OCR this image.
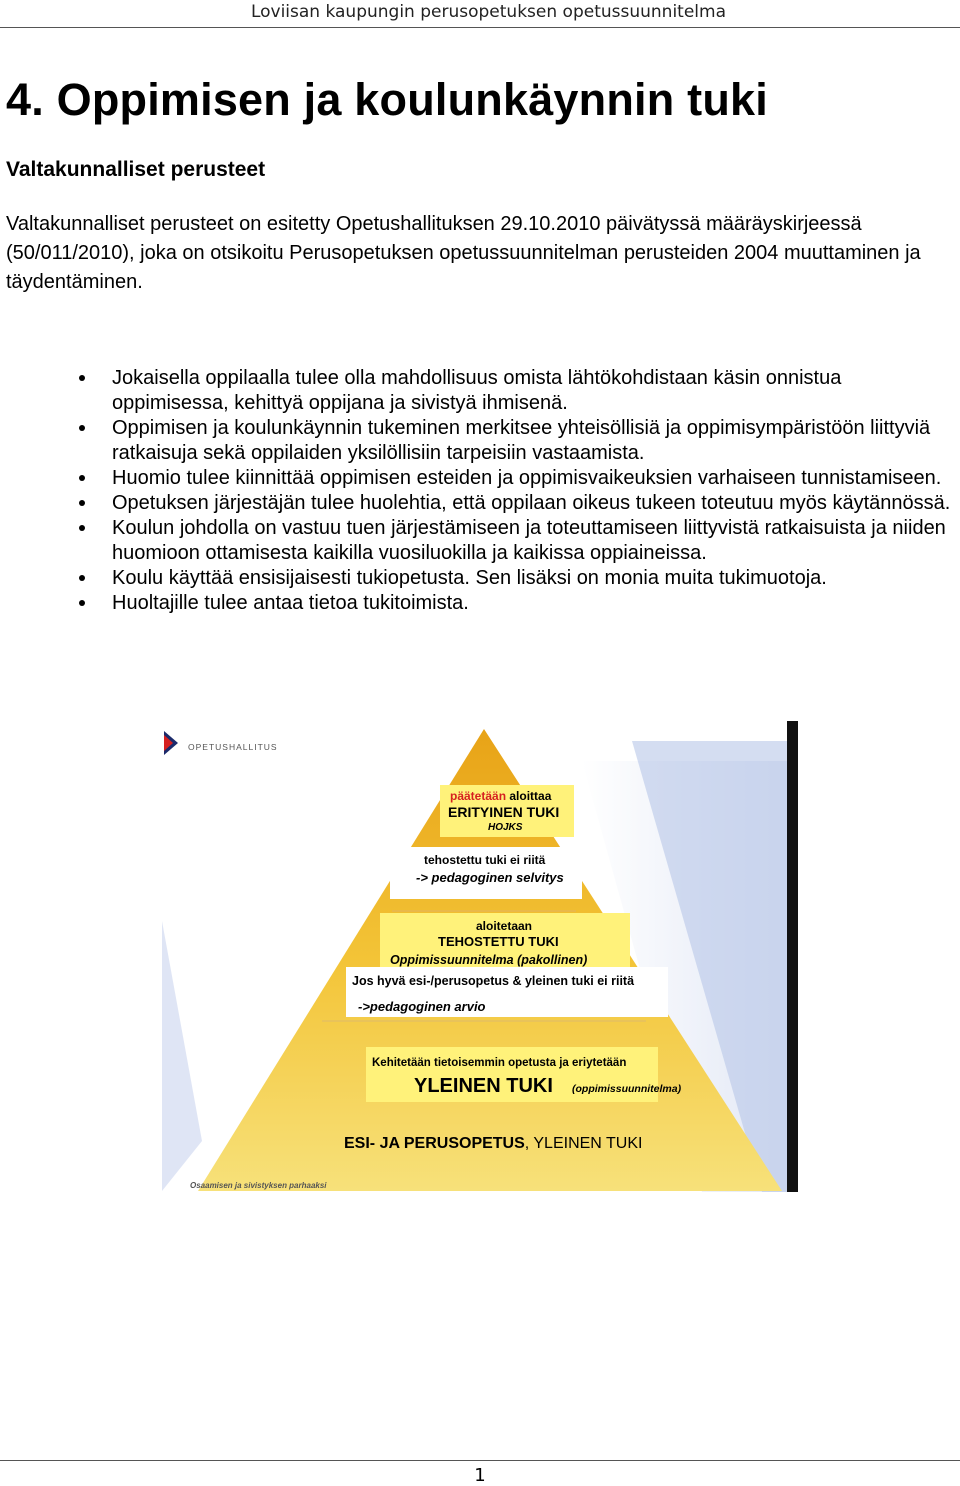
Loviisan kaupungin perusopetuksen opetussuunnitelma
4. Oppimisen ja koulunkäynnin tuki
Valtakunnalliset perusteet

Valtakunnalliset perusteet on esitetty Opetushallituksen 29.10.2010 päivätyssä määräyskirjeessä (50/011/2010), joka on otsikoitu Perusopetuksen opetussuunnitelman perusteiden 2004 muuttaminen ja täydentäminen.

Jokaisella oppilaalla tulee olla mahdollisuus omista lähtökohdistaan käsin onnistua oppimisessa, kehittyä oppijana ja sivistyä ihmisenä.
Oppimisen ja koulunkäynnin tukeminen merkitsee yhteisöllisiä ja oppimisympäristöön liittyviä ratkaisuja sekä oppilaiden yksilöllisiin tarpeisiin vastaamista.
Huomio tulee kiinnittää oppimisen esteiden ja oppimisvaikeuksien varhaiseen tunnistamiseen.
Opetuksen järjestäjän tulee huolehtia, että oppilaan oikeus tukeen toteutuu myös käytännössä.
Koulun johdolla on vastuu tuen järjestämiseen ja toteuttamiseen liittyvistä ratkaisuista ja niiden huomioon ottamisesta kaikilla vuosiluokilla ja kaikissa oppiaineissa.
Koulu käyttää ensisijaisesti tukiopetusta. Sen lisäksi on monia muita tukimuotoja.
Huoltajille tulee antaa tietoa tukitoimista.
OPETUSHALLITUS
päätetään aloittaa
ERITYINEN TUKI
HOJKS
tehostettu tuki ei riitä
-> pedagoginen selvitys
aloitetaan
TEHOSTETTU TUKI
Oppimissuunnitelma (pakollinen)
Jos hyvä esi-/perusopetus & yleinen tuki ei riitä
->pedagoginen arvio
Kehitetään tietoisemmin opetusta ja eriytetään
YLEINEN TUKI (oppimissuunnitelma)
ESI- JA PERUSOPETUS, YLEINEN TUKI
Osaamisen ja sivistyksen parhaaksi
1
